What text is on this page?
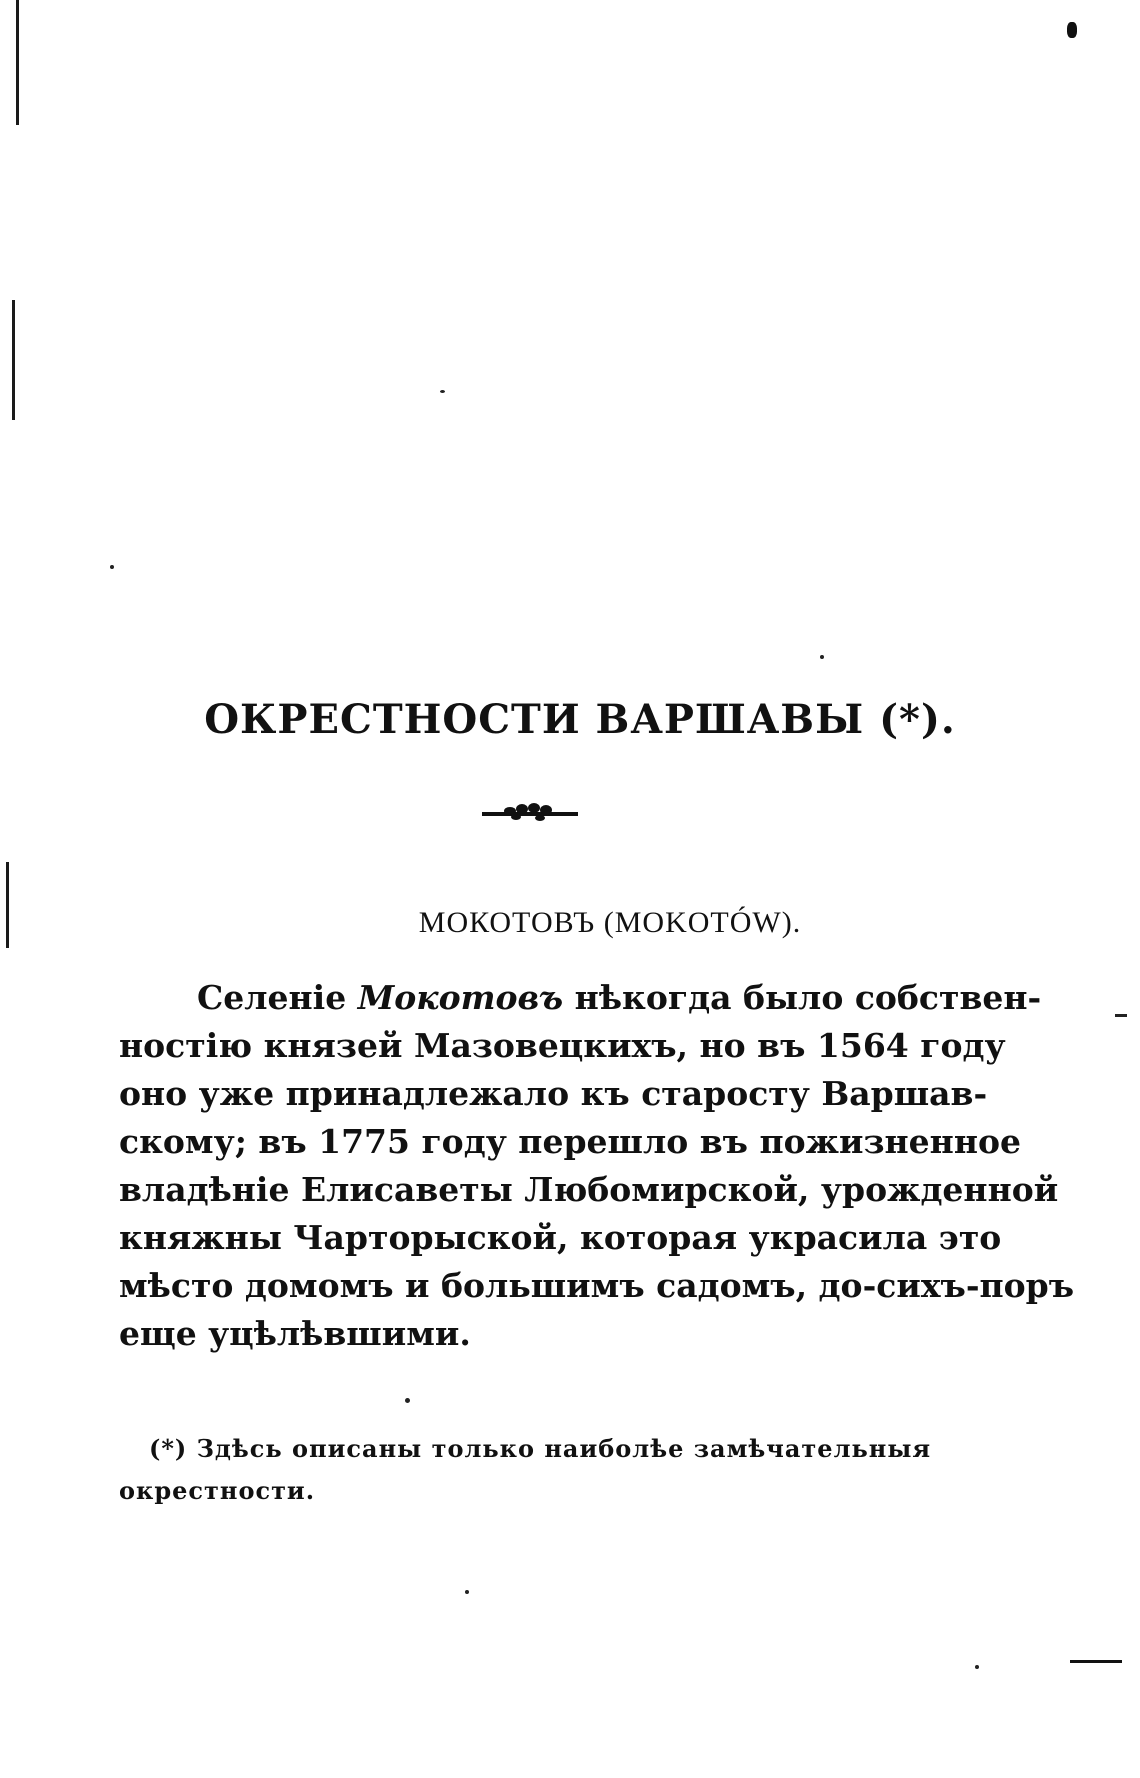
ОКРЕСТНОСТИ ВАРШАВЫ (*).
МОКОТОВЪ (MOKOTÓW).
Селеніе Мокотовъ нѣкогда было собствен-
ностію князей Мазовецкихъ, но въ 1564 году
оно уже принадлежало къ старосту Варшав-
скому; въ 1775 году перешло въ пожизненное
владѣніе Елисаветы Любомирской, урожденной
княжны Чарторыской, которая украсила это
мѣсто домомъ и большимъ садомъ, до-сихъ-поръ
еще уцѣлѣвшими.
(*) Здѣсь описаны только наиболѣе замѣчательныя
окрестности.
